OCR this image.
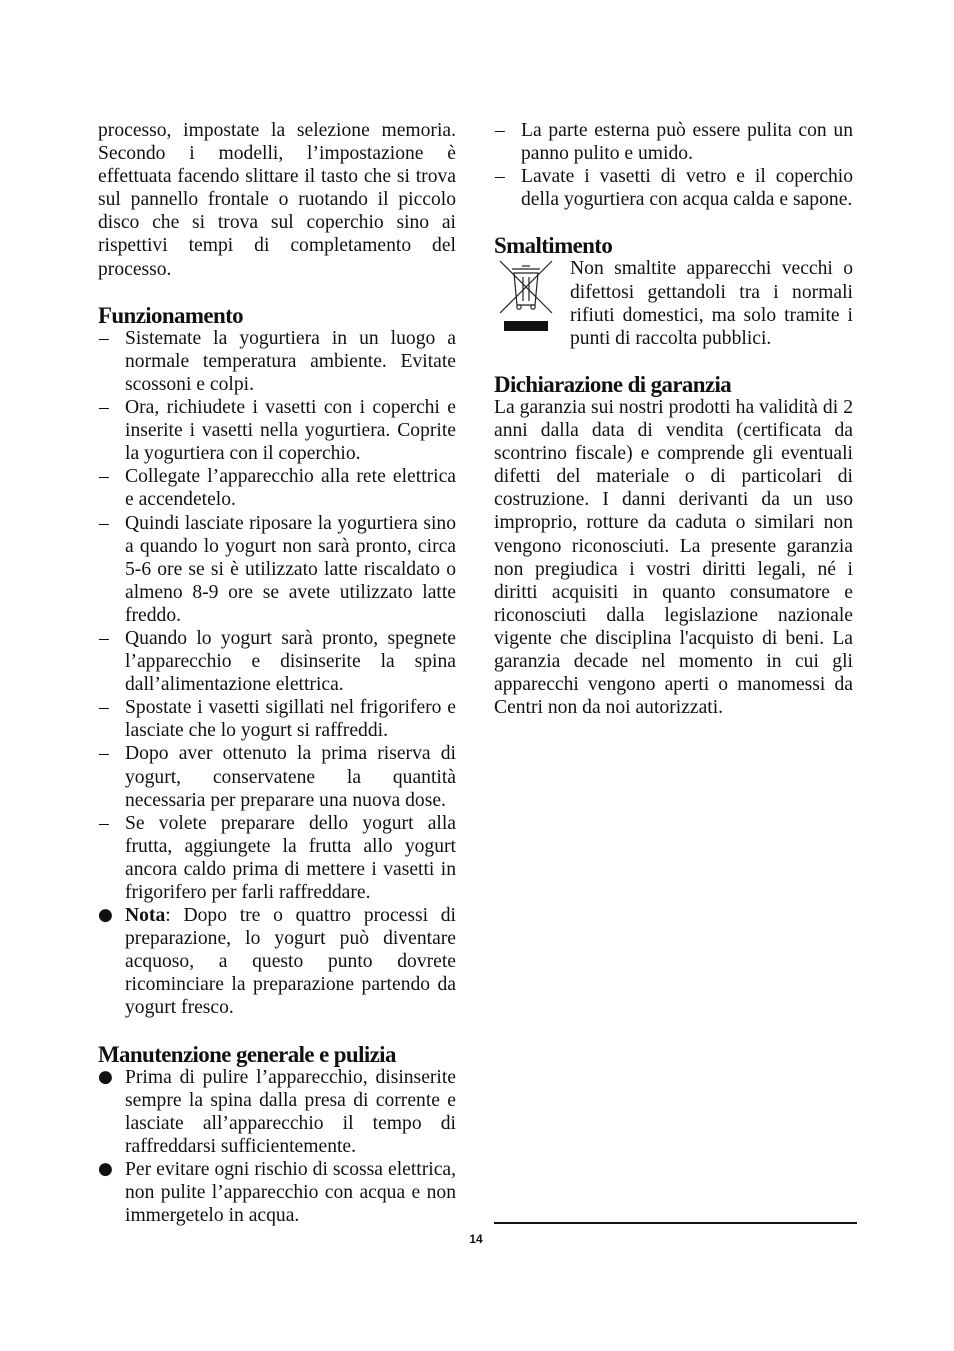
processo, impostate la selezione memoria. Secondo i modelli, l’impostazione è effettuata facendo slittare il tasto che si trova sul pannello frontale o ruotando il piccolo disco che si trova sul coperchio sino ai rispettivi tempi di completamento del processo.

Funzionamento
– Sistemate la yogurtiera in un luogo a normale temperatura ambiente. Evitate scossoni e colpi.
– Ora, richiudete i vasetti con i coperchi e inserite i vasetti nella yogurtiera. Coprite la yogurtiera con il coperchio.
– Collegate l’apparecchio alla rete elettrica e accendetelo.
– Quindi lasciate riposare la yogurtiera sino a quando lo yogurt non sarà pronto, circa 5-6 ore se si è utilizzato latte riscaldato o almeno 8-9 ore se avete utilizzato latte freddo.
– Quando lo yogurt sarà pronto, spegnete l’apparecchio e disinserite la spina dall’alimentazione elettrica.
– Spostate i vasetti sigillati nel frigorifero e lasciate che lo yogurt si raffreddi.
– Dopo aver ottenuto la prima riserva di yogurt, conservatene la quantità necessaria per preparare una nuova dose.
– Se volete preparare dello yogurt alla frutta, aggiungete la frutta allo yogurt ancora caldo prima di mettere i vasetti in frigorifero per farli raffreddare.
● Nota: Dopo tre o quattro processi di preparazione, lo yogurt può diventare acquoso, a questo punto dovrete ricominciare la preparazione partendo da yogurt fresco.
Manutenzione generale e pulizia
● Prima di pulire l’apparecchio, disinserite sempre la spina dalla presa di corrente e lasciate all’apparecchio il tempo di raffreddarsi sufficientemente.
● Per evitare ogni rischio di scossa elettrica, non pulite l’apparecchio con acqua e non immergetelo in acqua.
– La parte esterna può essere pulita con un panno pulito e umido.
– Lavate i vasetti di vetro e il coperchio della yogurtiera con acqua calda e sapone.
Smaltimento

Non smaltite apparecchi vecchi o difettosi gettandoli tra i normali rifiuti domestici, ma solo tramite i punti di raccolta pubblici.

Dichiarazione di garanzia

La garanzia sui nostri prodotti ha validità di 2 anni dalla data di vendita (certificata da scontrino fiscale) e comprende gli eventuali difetti del materiale o di particolari di costruzione. I danni derivanti da un uso improprio, rotture da caduta o similari non vengono riconosciuti. La presente garanzia non pregiudica i vostri diritti legali, né i diritti acquisiti in quanto consumatore e riconosciuti dalla legislazione nazionale vigente che disciplina l'acquisto di beni. La garanzia decade nel momento in cui gli apparecchi vengono aperti o manomessi da Centri non da noi autorizzati.

14
